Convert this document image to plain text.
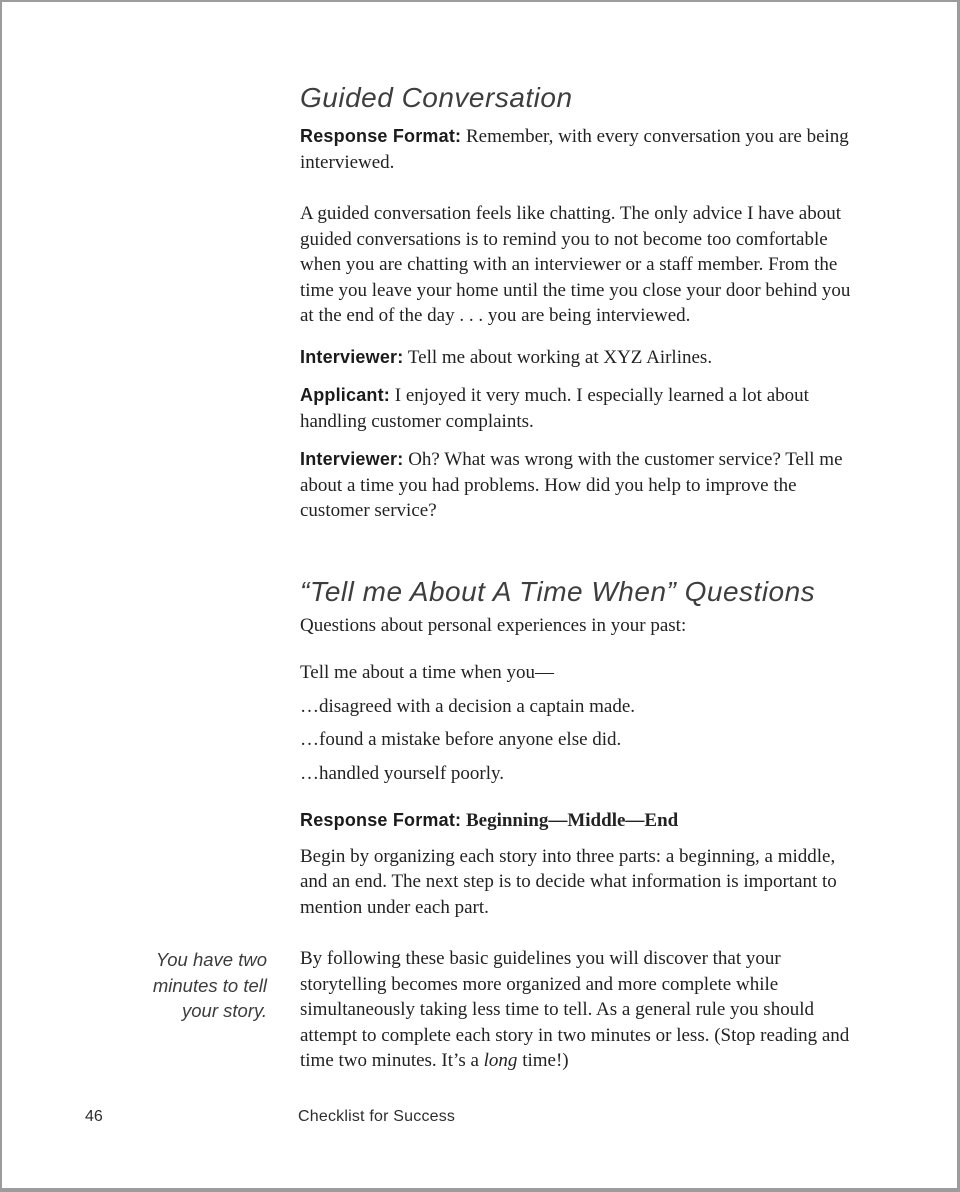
Guided Conversation

Response Format: Remember, with every conversation you are being interviewed.

A guided conversation feels like chatting. The only advice I have about guided conversations is to remind you to not become too comfortable when you are chatting with an interviewer or a staff member. From the time you leave your home until the time you close your door behind you at the end of the day . . . you are being interviewed.

Interviewer: Tell me about working at XYZ Airlines.

Applicant: I enjoyed it very much. I especially learned a lot about handling customer complaints.

Interviewer: Oh? What was wrong with the customer service? Tell me about a time you had problems. How did you help to improve the customer service?

“Tell me About A Time When” Questions

Questions about personal experiences in your past:

Tell me about a time when you—

…disagreed with a decision a captain made.

…found a mistake before anyone else did.

…handled yourself poorly.

Response Format: Beginning—Middle—End

Begin by organizing each story into three parts: a beginning, a middle, and an end. The next step is to decide what information is important to mention under each part.

You have two minutes to tell your story.

By following these basic guidelines you will discover that your storytelling becomes more organized and more complete while simultaneously taking less time to tell. As a general rule you should attempt to complete each story in two minutes or less. (Stop reading and time two minutes. It’s a long time!)

46	Checklist for Success
